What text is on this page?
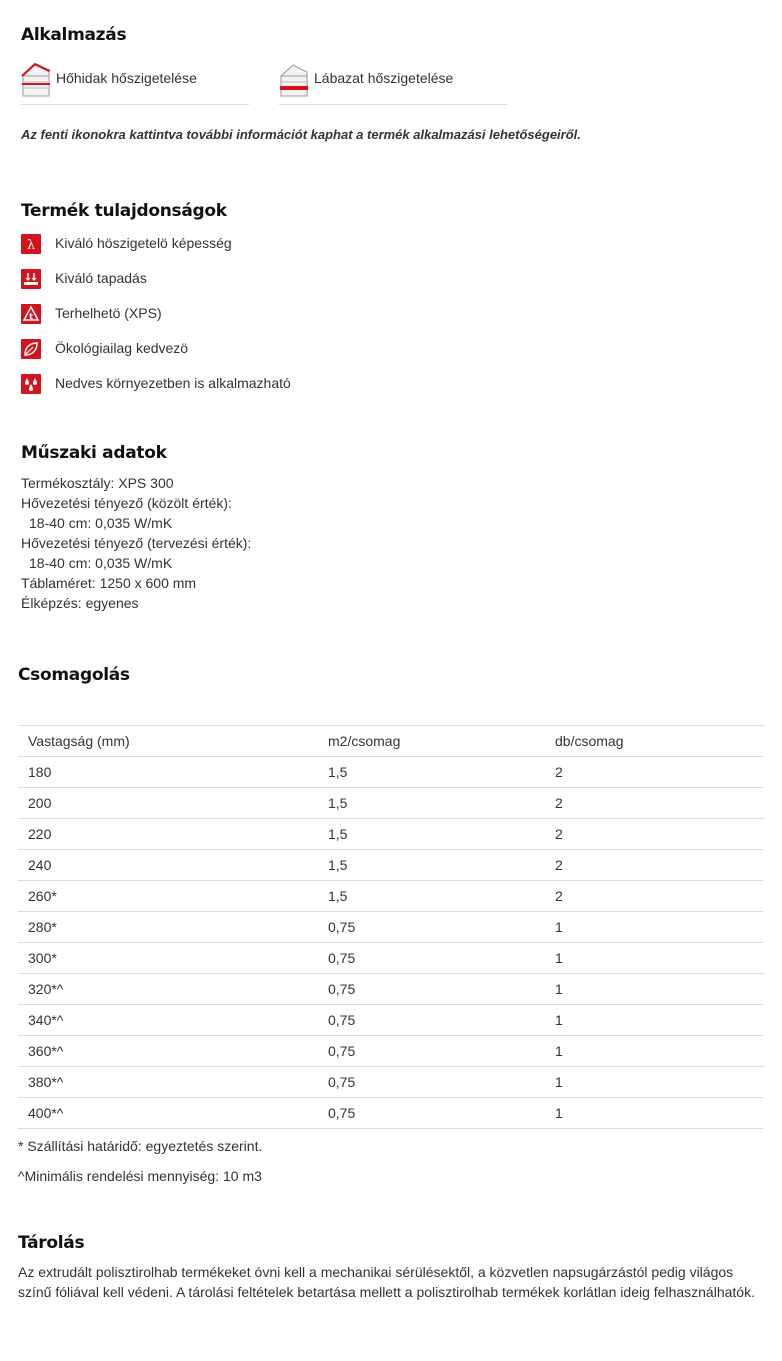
Alkalmazás
Hőhidak hőszigetelése	Lábazat hőszigetelése
Az fenti ikonokra kattintva további információt kaphat a termék alkalmazási lehetőségeiről.
Termék tulajdonságok
λ Kiváló höszigetelö képesség
Kiváló tapadás
t Terhelhetö (XPS)
Ökológiailag kedvezö
Nedves környezetben is alkalmazható
Műszaki adatok
Termékosztály: XPS 300
Hővezetési tényező (közölt érték):
18-40 cm: 0,035 W/mK
Hővezetési tényező (tervezési érték):
18-40 cm: 0,035 W/mK
Táblaméret: 1250 x 600 mm
Élképzés: egyenes
Csomagolás
Vastagság (mm)	m2/csomag	db/csomag
180	1,5	2
200	1,5	2
220	1,5	2
240	1,5	2
260*	1,5	2
280*	0,75	1
300*	0,75	1
320*^	0,75	1
340*^	0,75	1
360*^	0,75	1
380*^	0,75	1
400*^	0,75	1
* Szállítási határidő: egyeztetés szerint.
^Minimális rendelési mennyiség: 10 m3
Tárolás
Az extrudált polisztirolhab termékeket óvni kell a mechanikai sérülésektől, a közvetlen napsugárzástól pedig világos színű fóliával kell védeni. A tárolási feltételek betartása mellett a polisztirolhab termékek korlátlan ideig felhasználhatók.
